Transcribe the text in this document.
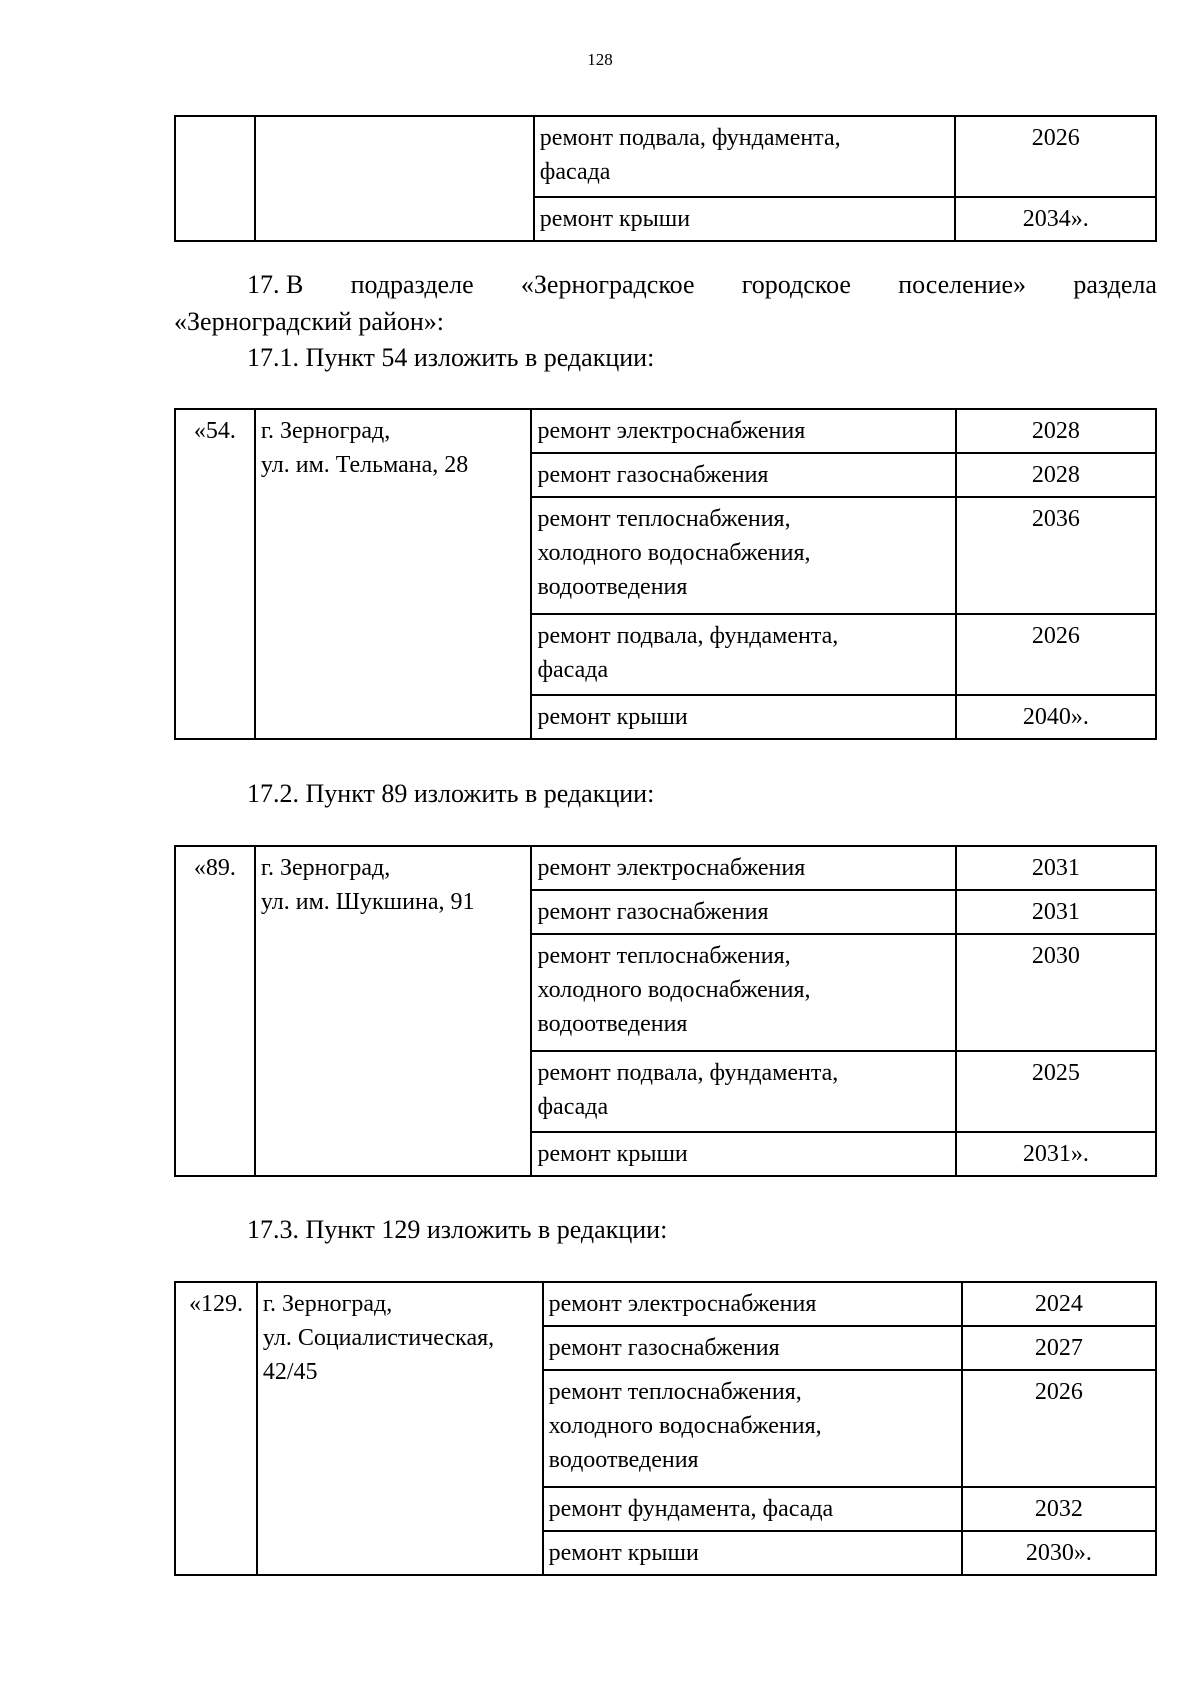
128

		ремонт подвала, фундамента,
фасада	2026

		ремонт крыши	2034».
17. В подразделе «Зерноградское городское поселение» раздела
«Зерноградский район»:
17.1. Пункт 54 изложить в редакции:
«54.	г. Зерноград,
ул. им. Тельмана, 28	ремонт электроснабжения	2028

		ремонт газоснабжения	2028

		ремонт теплоснабжения,
холодного водоснабжения,
водоотведения	2036

		ремонт подвала, фундамента,
фасада	2026

		ремонт крыши	2040».
17.2. Пункт 89 изложить в редакции:
«89.	г. Зерноград,
ул. им. Шукшина, 91	ремонт электроснабжения	2031

		ремонт газоснабжения	2031

		ремонт теплоснабжения,
холодного водоснабжения,
водоотведения	2030

		ремонт подвала, фундамента,
фасада	2025

		ремонт крыши	2031».
17.3. Пункт 129 изложить в редакции:
«129.	г. Зерноград,
ул. Социалистическая,
42/45	ремонт электроснабжения	2024

		ремонт газоснабжения	2027

		ремонт теплоснабжения,
холодного водоснабжения,
водоотведения	2026

		ремонт фундамента, фасада	2032

		ремонт крыши	2030».
